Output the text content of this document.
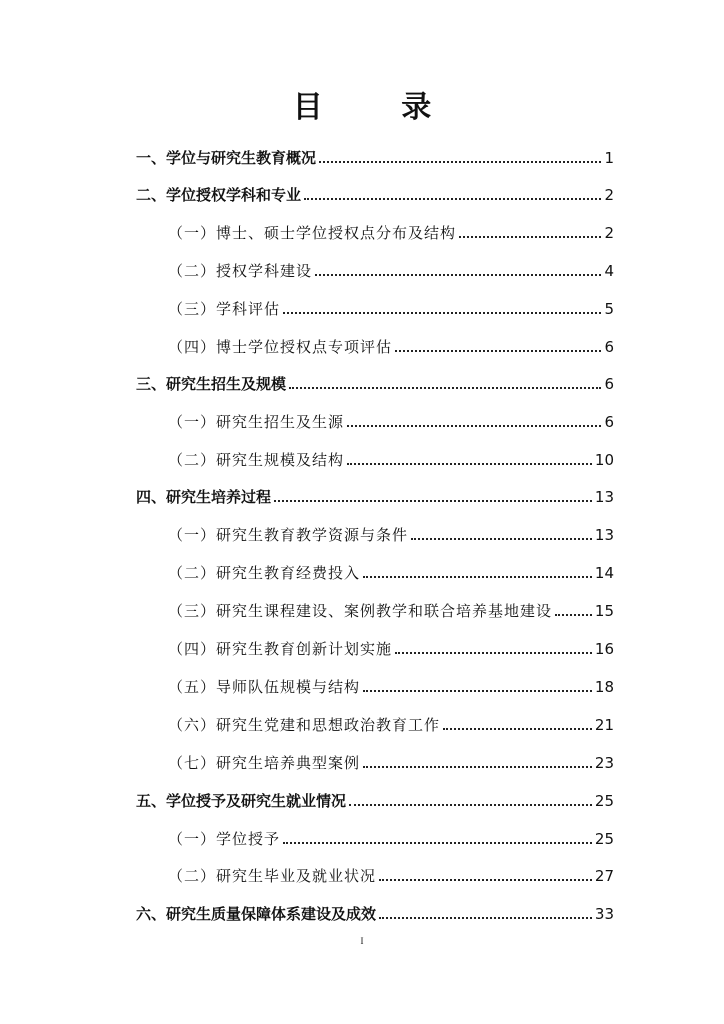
目 录
一、学位与研究生教育概况	1
二、学位授权学科和专业	2
（一）博士、硕士学位授权点分布及结构	2
（二）授权学科建设	4
（三）学科评估	5
（四）博士学位授权点专项评估	6
三、研究生招生及规模	6
（一）研究生招生及生源	6
（二）研究生规模及结构	10
四、研究生培养过程	13
（一）研究生教育教学资源与条件	13
（二）研究生教育经费投入	14
（三）研究生课程建设、案例教学和联合培养基地建设	15
（四）研究生教育创新计划实施	16
（五）导师队伍规模与结构	18
（六）研究生党建和思想政治教育工作	21
（七）研究生培养典型案例	23
五、学位授予及研究生就业情况	25
（一）学位授予	25
（二）研究生毕业及就业状况	27
六、研究生质量保障体系建设及成效	33
I
